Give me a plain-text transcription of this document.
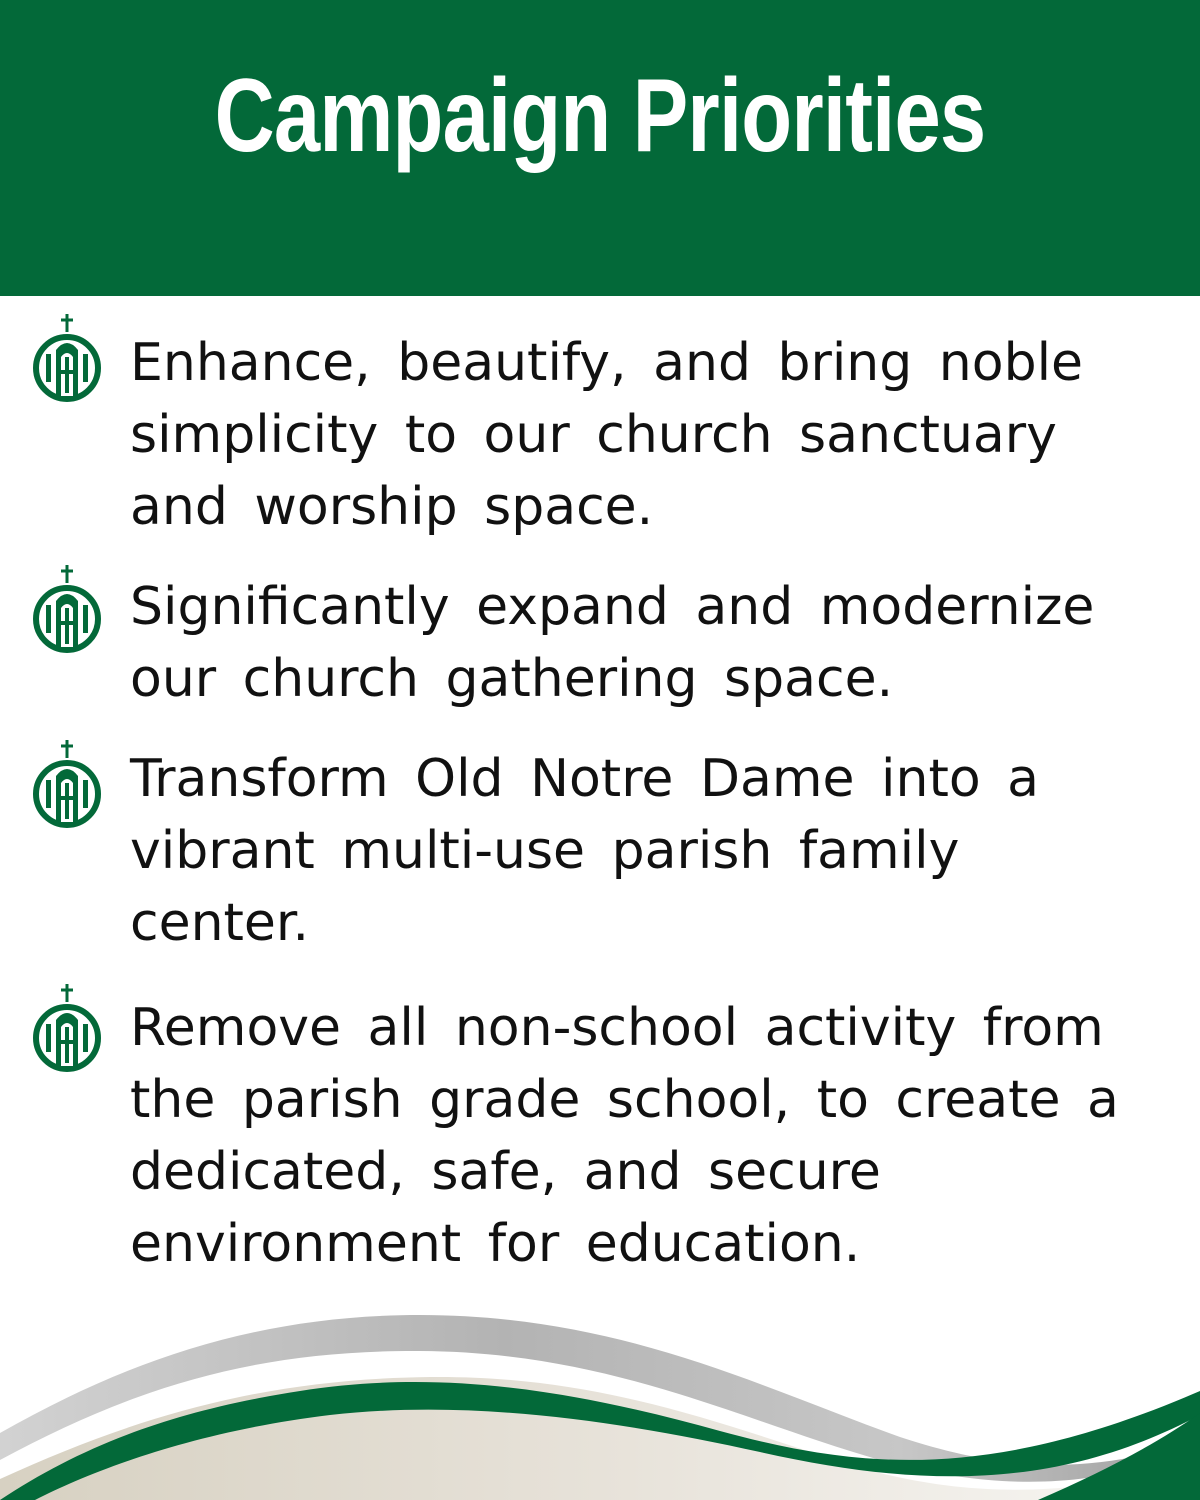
Campaign Priorities

Enhance, beautify, and bring noble simplicity to our church sanctuary and worship space.

Significantly expand and modernize our church gathering space.

Transform Old Notre Dame into a vibrant multi-use parish family center.

Remove all non-school activity from the parish grade school, to create a dedicated, safe, and secure environment for education.
